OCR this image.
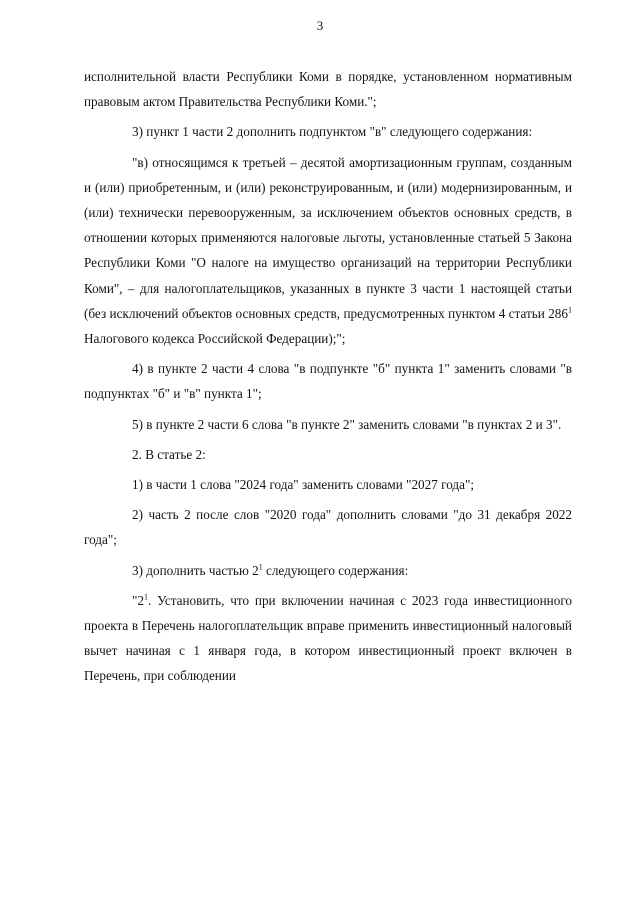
3

исполнительной власти Республики Коми в порядке, установленном нормативным правовым актом Правительства Республики Коми.";

3) пункт 1 части 2 дополнить подпунктом "в" следующего содержания:

"в) относящимся к третьей – десятой амортизационным группам, созданным и (или) приобретенным, и (или) реконструированным, и (или) модернизированным, и (или) технически перевооруженным, за исключением объектов основных средств, в отношении которых применяются налоговые льготы, установленные статьей 5 Закона Республики Коми "О налоге на имущество организаций на территории Республики Коми", – для налогоплательщиков, указанных в пункте 3 части 1 настоящей статьи (без исключений объектов основных средств, предусмотренных пунктом 4 статьи $286^1$ Налогового кодекса Российской Федерации);";

4) в пункте 2 части 4 слова "в подпункте "б" пункта 1" заменить словами "в подпунктах "б" и "в" пункта 1";

5) в пункте 2 части 6 слова "в пункте 2" заменить словами "в пунктах 2 и 3".

2. В статье 2:

1) в части 1 слова "2024 года" заменить словами "2027 года";

2) часть 2 после слов "2020 года" дополнить словами "до 31 декабря 2022 года";

3) дополнить частью $2^1$ следующего содержания:

"$2^1$. Установить, что при включении начиная с 2023 года инвестиционного проекта в Перечень налогоплательщик вправе применить инвестиционный налоговый вычет начиная с 1 января года, в котором инвестиционный проект включен в Перечень, при соблюдении
